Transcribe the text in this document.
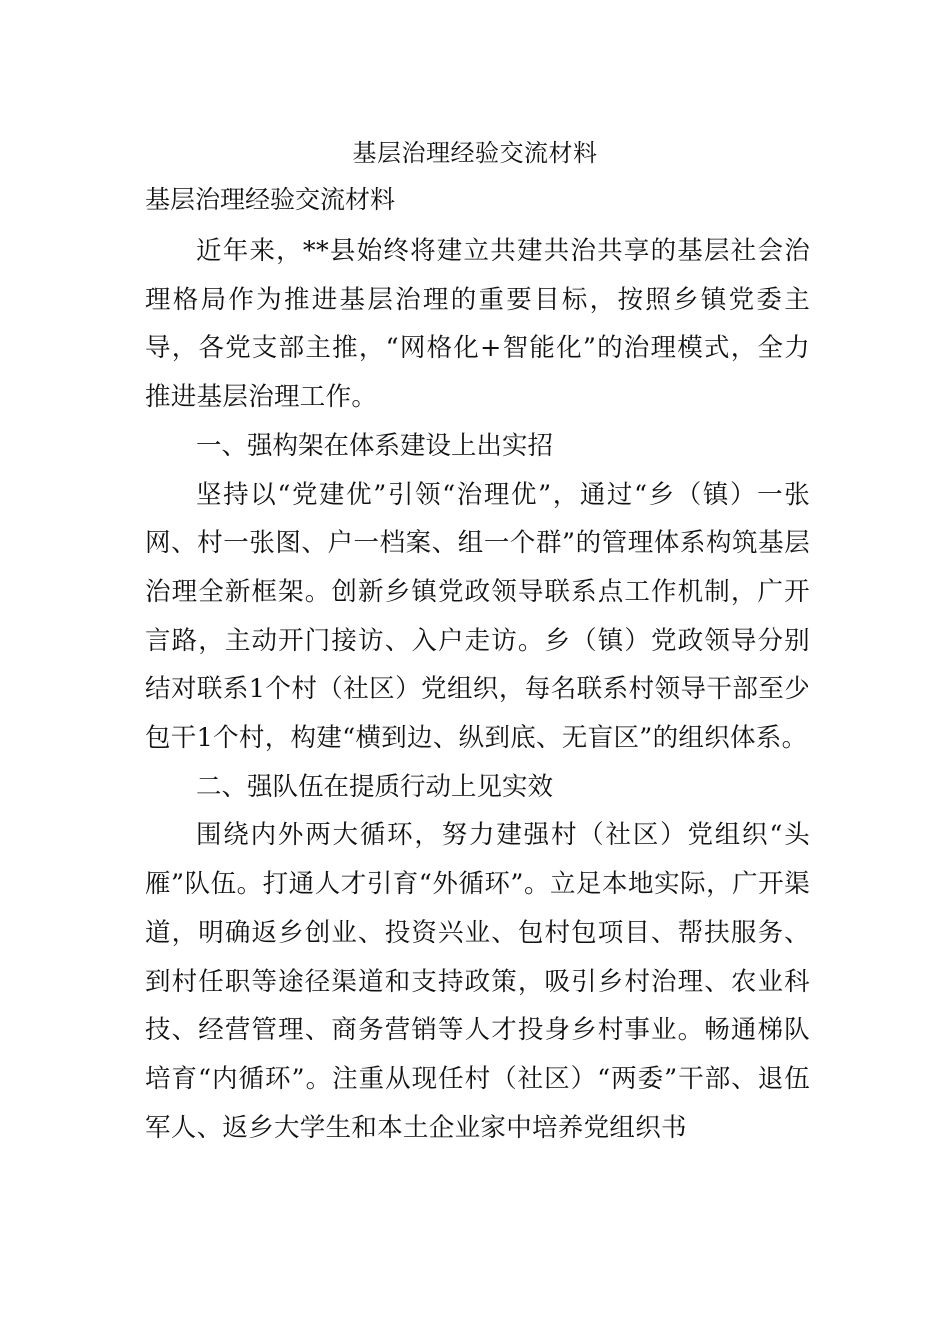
基层治理经验交流材料
基层治理经验交流材料

近年来，**县始终将建立共建共治共享的基层社会治理格局作为推进基层治理的重要目标，按照乡镇党委主导，各党支部主推，“网格化+智能化”的治理模式，全力推进基层治理工作。

一、强构架在体系建设上出实招

坚持以“党建优”引领“治理优”，通过“乡（镇）一张网、村一张图、户一档案、组一个群”的管理体系构筑基层治理全新框架。创新乡镇党政领导联系点工作机制，广开言路，主动开门接访、入户走访。乡（镇）党政领导分别结对联系1个村（社区）党组织，每名联系村领导干部至少包干1个村，构建“横到边、纵到底、无盲区”的组织体系。

二、强队伍在提质行动上见实效

围绕内外两大循环，努力建强村（社区）党组织“头雁”队伍。打通人才引育“外循环”。立足本地实际，广开渠道，明确返乡创业、投资兴业、包村包项目、帮扶服务、到村任职等途径渠道和支持政策，吸引乡村治理、农业科技、经营管理、商务营销等人才投身乡村事业。畅通梯队培育“内循环”。注重从现任村（社区）“两委”干部、退伍军人、返乡大学生和本土企业家中培养党组织书
